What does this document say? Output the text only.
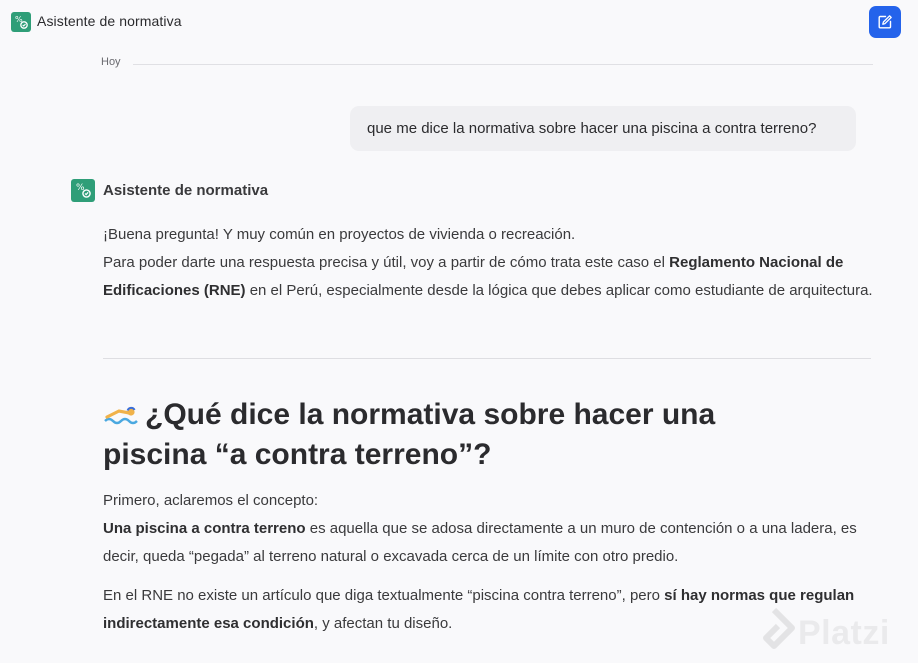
% Asistente de normativa
Hoy
que me dice la normativa sobre hacer una piscina a contra terreno?
% Asistente de normativa

¡Buena pregunta! Y muy común en proyectos de vivienda o recreación.
Para poder darte una respuesta precisa y útil, voy a partir de cómo trata este caso el Reglamento Nacional de Edificaciones (RNE) en el Perú, especialmente desde la lógica que debes aplicar como estudiante de arquitectura.

¿Qué dice la normativa sobre hacer una piscina “a contra terreno”?

Primero, aclaremos el concepto:
Una piscina a contra terreno es aquella que se adosa directamente a un muro de contención o a una ladera, es decir, queda “pegada” al terreno natural o excavada cerca de un límite con otro predio.

En el RNE no existe un artículo que diga textualmente “piscina contra terreno”, pero sí hay normas que regulan indirectamente esa condición, y afectan tu diseño.	Platzi
